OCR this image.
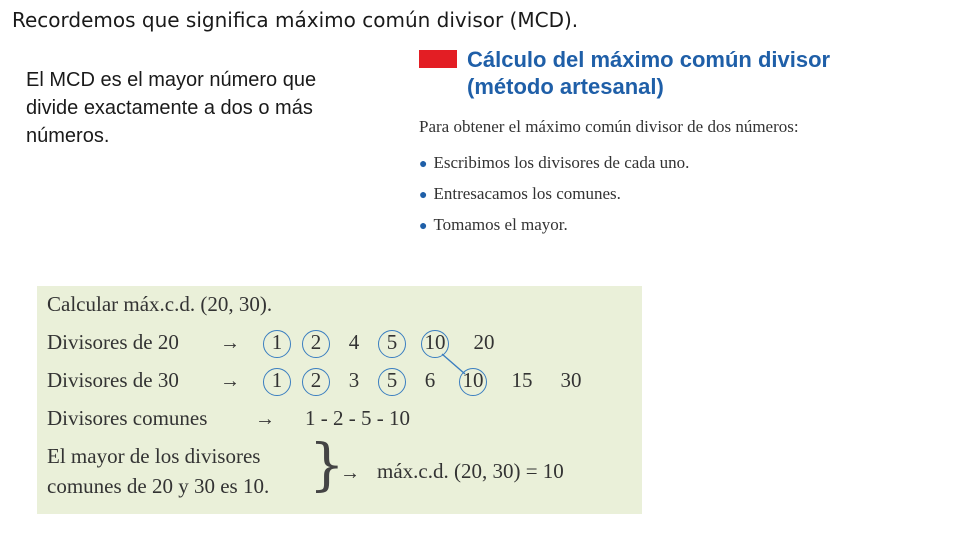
Recordemos que significa máximo común divisor (MCD).
El MCD es el mayor número que divide exactamente a dos o más números.
Cálculo del máximo común divisor
(método artesanal)
Para obtener el máximo común divisor de dos números:
● Escribimos los divisores de cada uno.
● Entresacamos los comunes.
● Tomamos el mayor.
Calcular máx.c.d. (20, 30).
Divisores de 20 →	1	2	4	5	10 20
Divisores de 30 →	1	2	3	5	6	10 15 30
Divisores comunes → 1 - 2 - 5 - 10
El mayor de los divisores
comunes de 20 y 30 es 10. }
→ máx.c.d. (20, 30) = 10
